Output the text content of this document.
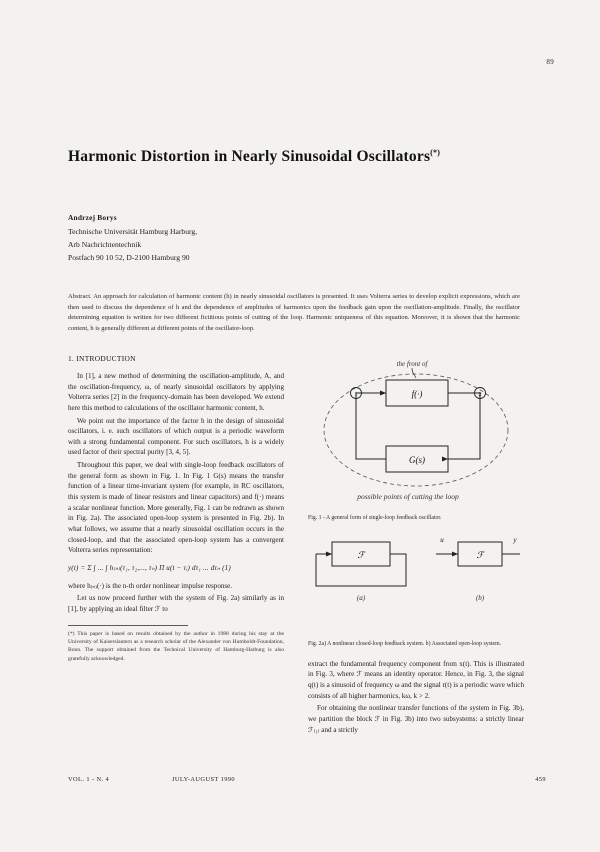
89
Harmonic Distortion in Nearly Sinusoidal Oscillators(*)
Andrzej Borys
Technische Universität Hamburg Harburg,
Arb Nachrichtentechnik
Postfach 90 10 52, D-2100 Hamburg 90
Abstract. An approach for calculation of harmonic content (h) in nearly sinusoidal oscillators is presented. It uses Volterra series to develop explicit expressions, which are then used to discuss the dependence of h and the dependence of amplitudes of harmonics upon the feedback gain upon the oscillation-amplitude. Finally, the oscillator determining equation is written for two different fictitious points of cutting of the loop. Harmonic uniqueness of this equation. Moreover, it is shown that the harmonic content, h is generally different at different points of the oscillator-loop.
1. INTRODUCTION

In [1], a new method of determining the oscillation-amplitude, A, and the oscillation-frequency, ω, of nearly sinusoidal oscillators by applying Volterra series [2] in the frequency-domain has been developed. We extend here this method to calculations of the oscillator harmonic content, h.

We point out the importance of the factor h in the design of sinusoidal oscillators, i. e. such oscillators of which output is a periodic waveform with a strong fundamental component. For such oscillators, h is a widely used factor of their spectral purity [3, 4, 5].

Throughout this paper, we deal with single-loop feedback oscillators of the general form as shown in Fig. 1. In Fig. 1 G(s) means the transfer function of a linear time-invariant system (for example, in RC oscillators, this system is made of linear resistors and linear capacitors) and f(·) means a scalar nonlinear function. More generally, Fig. 1 can be redrawn as shown in Fig. 2a). The associated open-loop system is presented in Fig. 2b). In what follows, we assume that a nearly sinusoidal oscillation occurs in the closed-loop, and that the associated open-loop system has a convergent Volterra series representation:

y(t) = Σ ∫ ... ∫ h₍ₙ₎(τ₁, τ₂,..., τₙ) Π u(t − τᵢ) dτ₁ ... dτₙ (1)

where h₍ₙ₎(·) is the n-th order nonlinear impulse response.

Let us now proceed further with the system of Fig. 2a) similarly as in [1], by applying an ideal filter ℱ to

(*) This paper is based on results obtained by the author in 1988 during his stay at the University of Kaiserslautern as a research scholar of the Alexander von Humboldt-Foundation, Bonn. The support obtained from the Technical University of Hamburg-Harburg is also gratefully acknowledged.
f(·)
G(s)
1	2
the front of
possible points of cutting the loop
Fig. 1 - A general form of single-loop feedback oscillator.
ℱ
(a)
ℱ
u	y
(b)
Fig. 2a) A nonlinear closed-loop feedback system. b) Associated open-loop system.

extract the fundamental frequency component from x(t). This is illustrated in Fig. 3, where ℱ means an identity operator. Hence, in Fig. 3, the signal q(t) is a sinusoid of frequency ω and the signal r(t) is a periodic wave which consists of all higher harmonics, kω, k > 2.

For obtaining the nonlinear transfer functions of the system in Fig. 3b), we partition the block ℱ in Fig. 3b) into two subsystems: a strictly linear ℱ₍₁₎ and a strictly

VOL. 1 - N. 4	JULY-AUGUST 1990	459
